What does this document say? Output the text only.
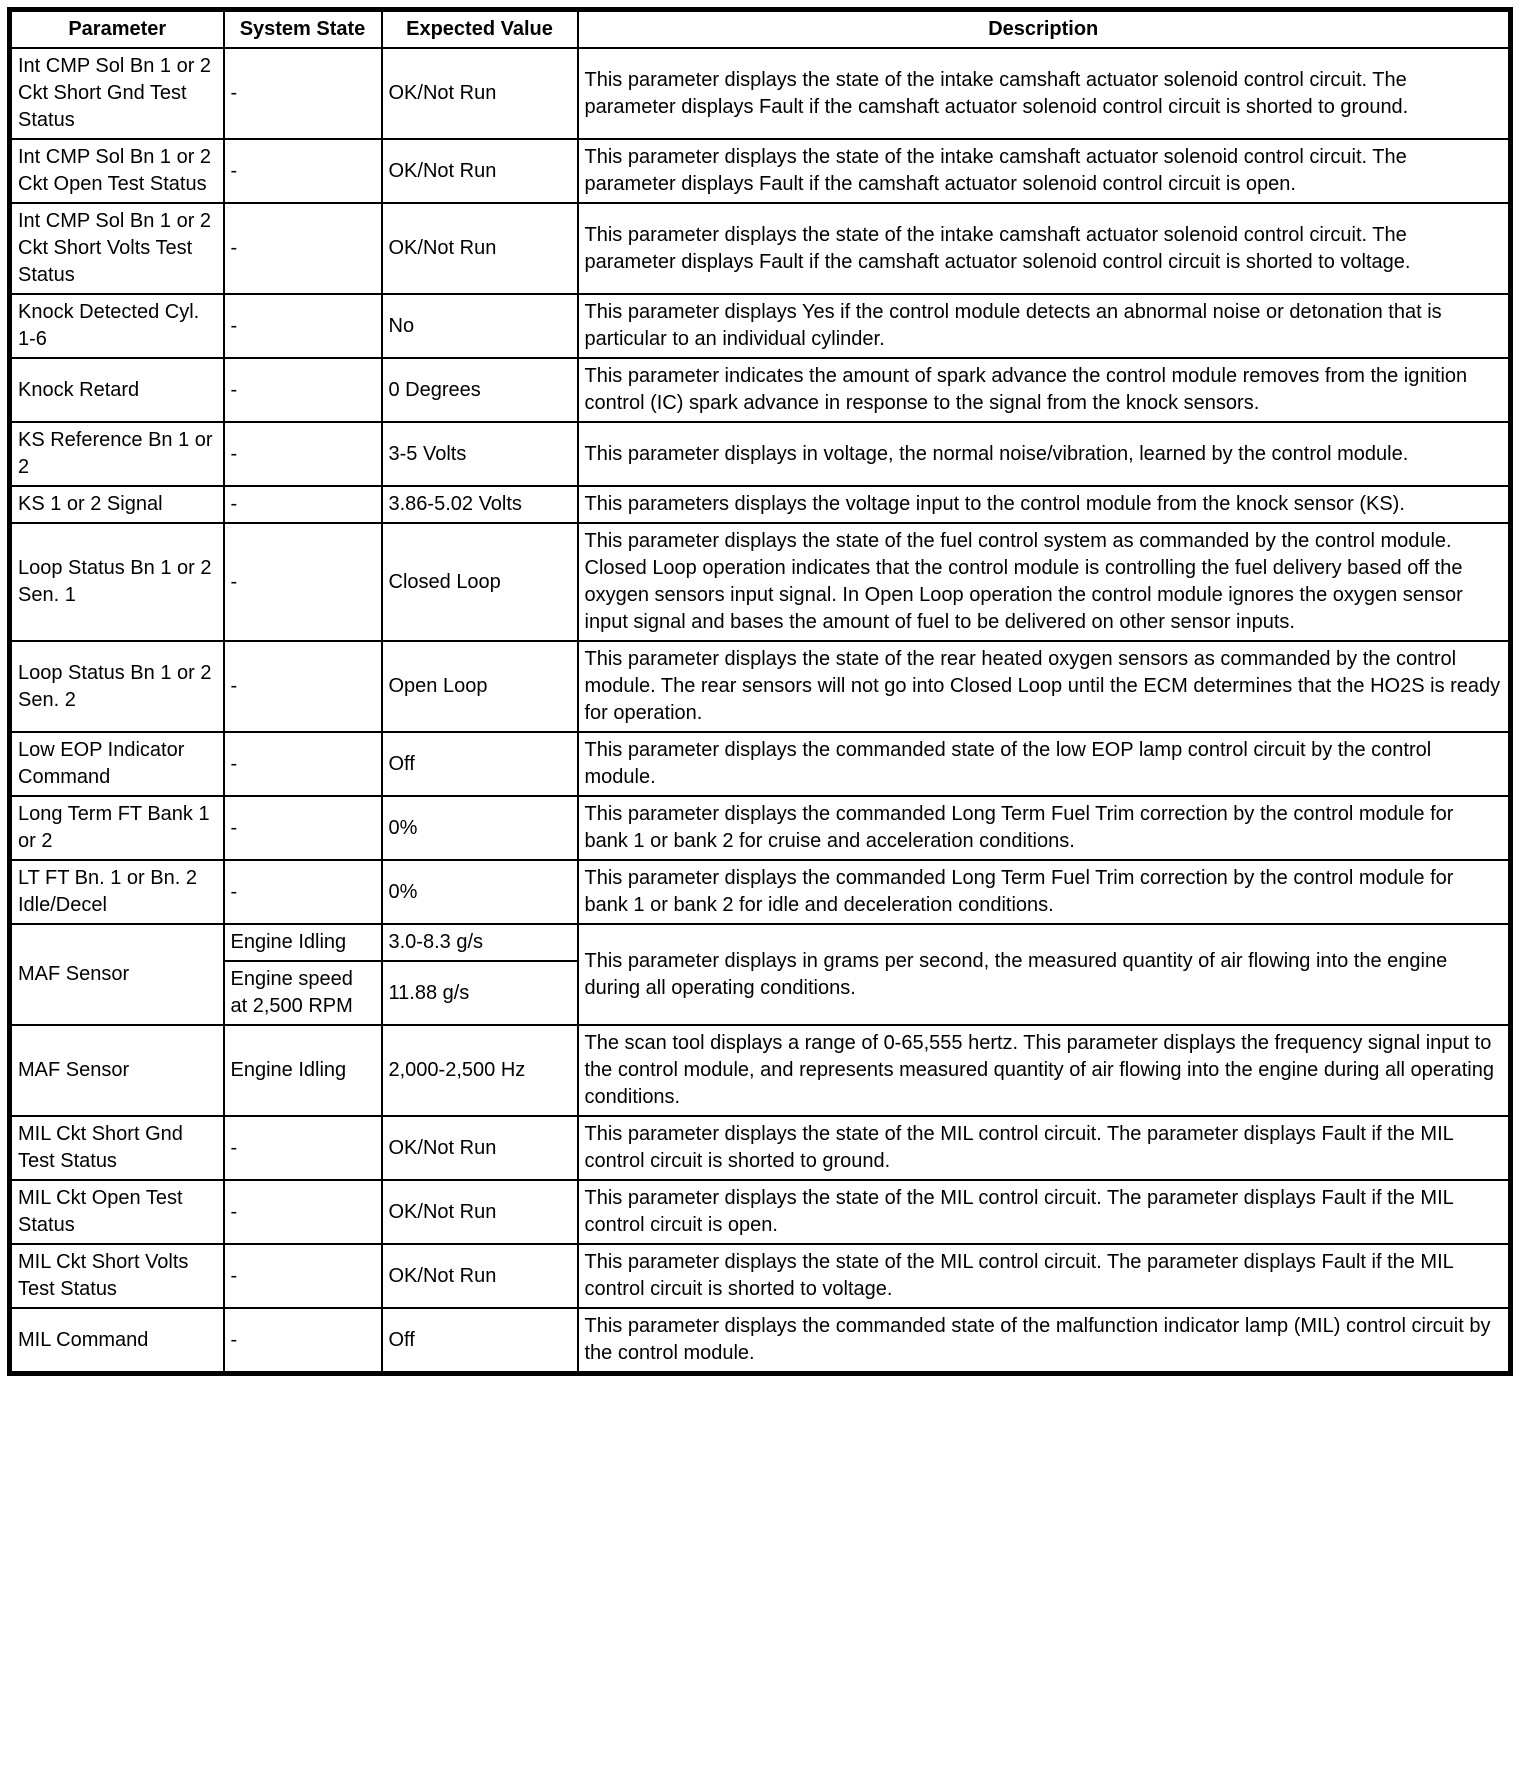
Parameter	System State	Expected Value	Description
Int CMP Sol Bn 1 or 2 Ckt Short Gnd Test Status	-	OK/Not Run	This parameter displays the state of the intake camshaft actuator solenoid control circuit. The parameter displays Fault if the camshaft actuator solenoid control circuit is shorted to ground.
Int CMP Sol Bn 1 or 2 Ckt Open Test Status	-	OK/Not Run	This parameter displays the state of the intake camshaft actuator solenoid control circuit. The parameter displays Fault if the camshaft actuator solenoid control circuit is open.
Int CMP Sol Bn 1 or 2 Ckt Short Volts Test Status	-	OK/Not Run	This parameter displays the state of the intake camshaft actuator solenoid control circuit. The parameter displays Fault if the camshaft actuator solenoid control circuit is shorted to voltage.
Knock Detected Cyl. 1-6	-	No	This parameter displays Yes if the control module detects an abnormal noise or detonation that is particular to an individual cylinder.
Knock Retard	-	0 Degrees	This parameter indicates the amount of spark advance the control module removes from the ignition control (IC) spark advance in response to the signal from the knock sensors.
KS Reference Bn 1 or 2	-	3-5 Volts	This parameter displays in voltage, the normal noise/vibration, learned by the control module.
KS 1 or 2 Signal	-	3.86-5.02 Volts	This parameters displays the voltage input to the control module from the knock sensor (KS).
Loop Status Bn 1 or 2 Sen. 1	-	Closed Loop	This parameter displays the state of the fuel control system as commanded by the control module. Closed Loop operation indicates that the control module is controlling the fuel delivery based off the oxygen sensors input signal. In Open Loop operation the control module ignores the oxygen sensor input signal and bases the amount of fuel to be delivered on other sensor inputs.
Loop Status Bn 1 or 2 Sen. 2	-	Open Loop	This parameter displays the state of the rear heated oxygen sensors as commanded by the control module. The rear sensors will not go into Closed Loop until the ECM determines that the HO2S is ready for operation.
Low EOP Indicator Command	-	Off	This parameter displays the commanded state of the low EOP lamp control circuit by the control module.
Long Term FT Bank 1 or 2	-	0%	This parameter displays the commanded Long Term Fuel Trim correction by the control module for bank 1 or bank 2 for cruise and acceleration conditions.
LT FT Bn. 1 or Bn. 2 Idle/Decel	-	0%	This parameter displays the commanded Long Term Fuel Trim correction by the control module for bank 1 or bank 2 for idle and deceleration conditions.
MAF Sensor	Engine Idling	3.0-8.3 g/s	This parameter displays in grams per second, the measured quantity of air flowing into the engine during all operating conditions.
	Engine speed at 2,500 RPM	11.88 g/s	
MAF Sensor	Engine Idling	2,000-2,500 Hz	The scan tool displays a range of 0-65,555 hertz. This parameter displays the frequency signal input to the control module, and represents measured quantity of air flowing into the engine during all operating conditions.
MIL Ckt Short Gnd Test Status	-	OK/Not Run	This parameter displays the state of the MIL control circuit. The parameter displays Fault if the MIL control circuit is shorted to ground.
MIL Ckt Open Test Status	-	OK/Not Run	This parameter displays the state of the MIL control circuit. The parameter displays Fault if the MIL control circuit is open.
MIL Ckt Short Volts Test Status	-	OK/Not Run	This parameter displays the state of the MIL control circuit. The parameter displays Fault if the MIL control circuit is shorted to voltage.
MIL Command	-	Off	This parameter displays the commanded state of the malfunction indicator lamp (MIL) control circuit by the control module.
